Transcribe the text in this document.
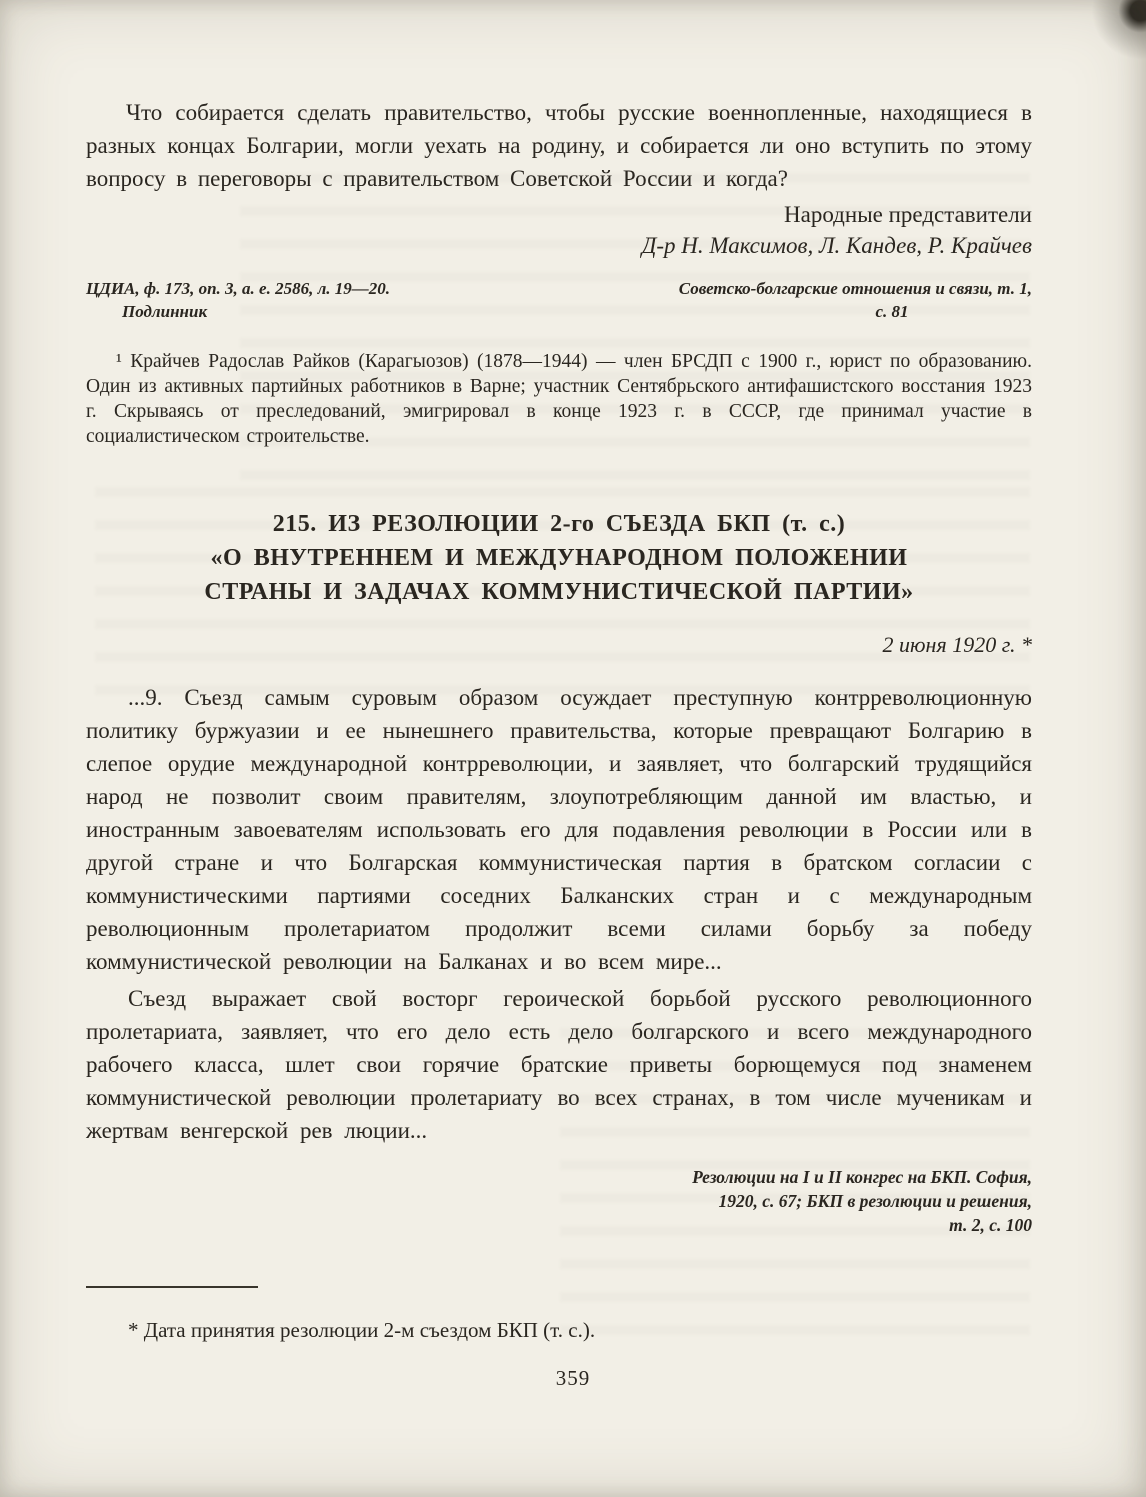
Что собирается сделать правительство, чтобы русские военнопленные, находящиеся в разных концах Болгарии, могли уехать на родину, и собирается ли оно вступить по этому вопросу в переговоры с правительством Советской России и когда?
Народные представители
Д-р Н. Максимов, Л. Кандев, Р. Крайчев
ЦДИА, ф. 173, оп. 3, а. е. 2586, л. 19—20.
Подлинник
Советско-болгарские отношения и связи, т. 1,
с. 81
¹ Крайчев Радослав Райков (Карагыозов) (1878—1944) — член БРСДП с 1900 г., юрист по образованию. Один из активных партийных работников в Варне; участник Сентябрьского антифашистского восстания 1923 г. Скрываясь от преследований, эмигрировал в конце 1923 г. в СССР, где принимал участие в социалистическом строительстве.
215. ИЗ РЕЗОЛЮЦИИ 2-го СЪЕЗДА БКП (т. с.)
«О ВНУТРЕННЕМ И МЕЖДУНАРОДНОМ ПОЛОЖЕНИИ
СТРАНЫ И ЗАДАЧАХ КОММУНИСТИЧЕСКОЙ ПАРТИИ»
2 июня 1920 г. *
...9. Съезд самым суровым образом осуждает преступную контрреволюционную политику буржуазии и ее нынешнего правительства, которые превращают Болгарию в слепое орудие международной контрреволюции, и заявляет, что болгарский трудящийся народ не позволит своим правителям, злоупотребляющим данной им властью, и иностранным завоевателям использовать его для подавления революции в России или в другой стране и что Болгарская коммунистическая партия в братском согласии с коммунистическими партиями соседних Балканских стран и с международным революционным пролетариатом продолжит всеми силами борьбу за победу коммунистической революции на Балканах и во всем мире...
Съезд выражает свой восторг героической борьбой русского революционного пролетариата, заявляет, что его дело есть дело болгарского и всего международного рабочего класса, шлет свои горячие братские приветы борющемуся под знаменем коммунистической революции пролетариату во всех странах, в том числе мученикам и жертвам венгерской рев люции...
Резолюции на I и II конгрес на БКП. София,
1920, с. 67; БКП в резолюции и решения,
т. 2, с. 100
* Дата принятия резолюции 2-м съездом БКП (т. с.).
359
